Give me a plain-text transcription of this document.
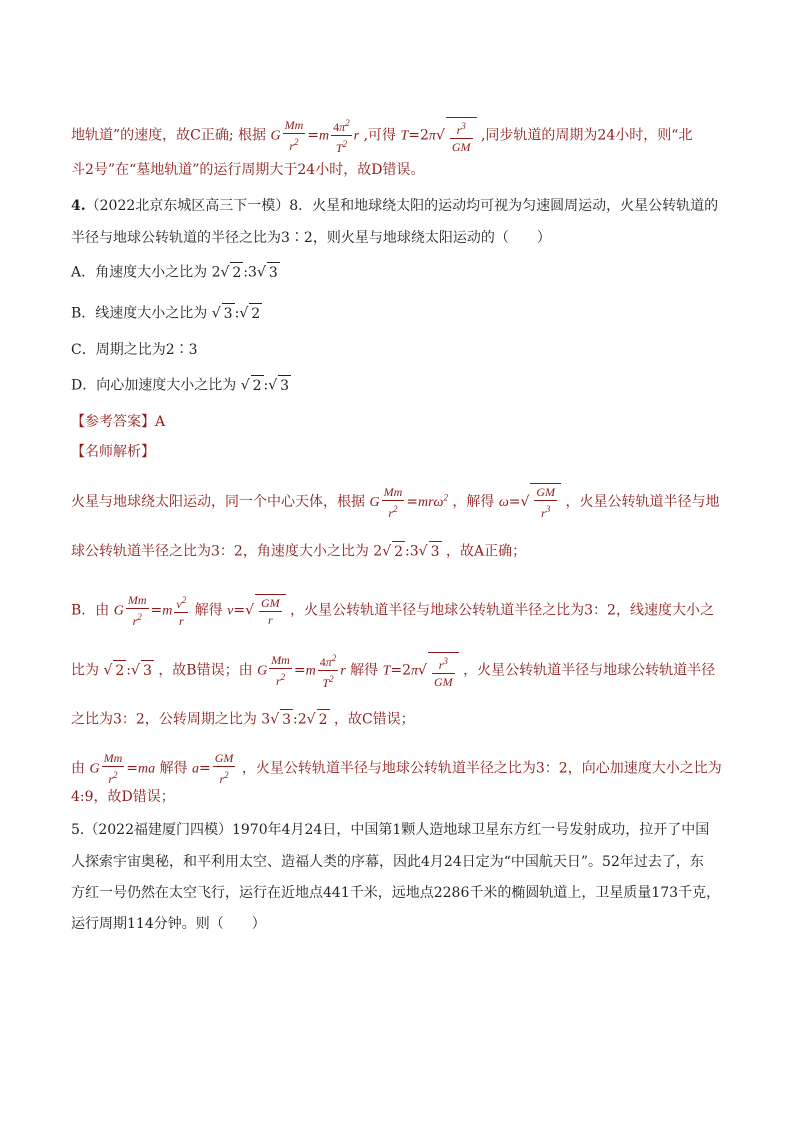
地轨道”的速度，故C正确; 根据 G $\frac{Mm}{r^2} =m \frac{4\pi^2}{T^2}$ r ,可得 $T=2\pi√ \frac{r^3}{GM}$ ,同步轨道的周期为24小时，则“北
斗2号”在“墓地轨道”的运行周期大于24小时，故D错误。
4.（2022北京东城区高三下一模）8．火星和地球绕太阳的运动均可视为匀速圆周运动，火星公转轨道的
半径与地球公转轨道的半径之比为3∶2，则火星与地球绕太阳运动的（　　）
A．角速度大小之比为 2√ 2 :3√ 3
B．线速度大小之比为 √ 3 :√ 2
C．周期之比为2∶3
D．向心加速度大小之比为 √ 2 :√ 3
【参考答案】A
【名师解析】
火星与地球绕太阳运动，同一个中心天体，根据 G $\frac{Mm}{r^2} =mr\omega^2$ ，解得 $\omega=√ \frac{GM}{r^3}$ ，火星公转轨道半径与地
球公转轨道半径之比为3：2，角速度大小之比为 2√ 2 :3√ 3 ，故A正确；
B．由 G $\frac{Mm}{r^2} =m \frac{v^2}{r}$ 解得 $v=√ \frac{GM}{r}$ ，火星公转轨道半径与地球公转轨道半径之比为3：2，线速度大小之
比为 √ 2 :√ 3 ，故B错误；由 G $\frac{Mm}{r^2} =m \frac{4\pi^2}{T^2}$ r 解得 $T=2\pi√ \frac{r^3}{GM}$ ，火星公转轨道半径与地球公转轨道半径
之比为3：2，公转周期之比为 3√ 3 :2√ 2 ，故C错误；
由 G $\frac{Mm}{r^2} =ma$ 解得 $a= \frac{GM}{r^2}$ ，火星公转轨道半径与地球公转轨道半径之比为3：2，向心加速度大小之比为
4:9，故D错误；
5.（2022福建厦门四模）1970年4月24日，中国第1颗人造地球卫星东方红一号发射成功，拉开了中国
人探索宇宙奥秘，和平利用太空、造福人类的序幕，因此4月24日定为“中国航天日”。52年过去了，东
方红一号仍然在太空飞行，运行在近地点441千米，远地点2286千米的椭圆轨道上，卫星质量173千克，
运行周期114分钟。则（　　）
